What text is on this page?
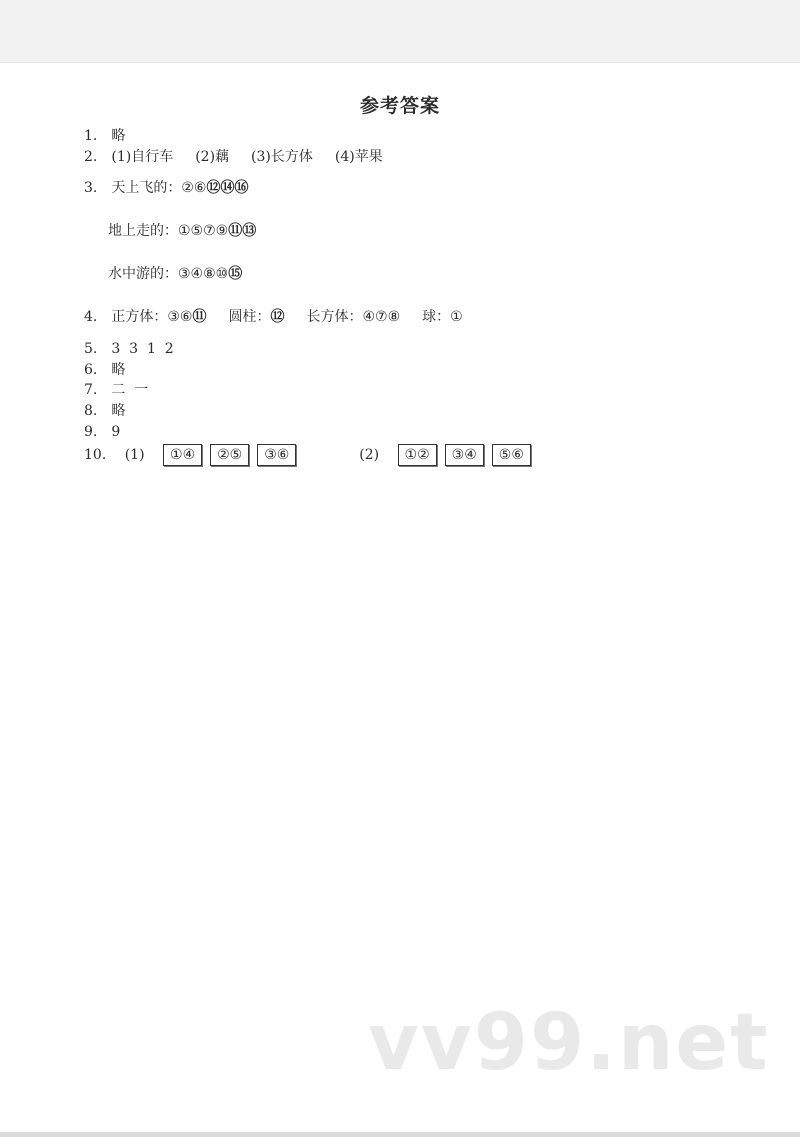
参考答案
1. 略
2. (1)自行车 (2)藕 (3)长方体 (4)苹果
3. 天上飞的：②⑥⑫⑭⑯
地上走的：①⑤⑦⑨⑪⑬
水中游的：③④⑧⑩⑮
4. 正方体：③⑥⑪ 圆柱：⑫ 长方体：④⑦⑧ 球：①
5. 3  3  1  2
6. 略
7. 二  一
8. 略
9. 9
10. (1) ①④ ②⑤ ③⑥	(2) ①② ③④ ⑤⑥
vv99.net
